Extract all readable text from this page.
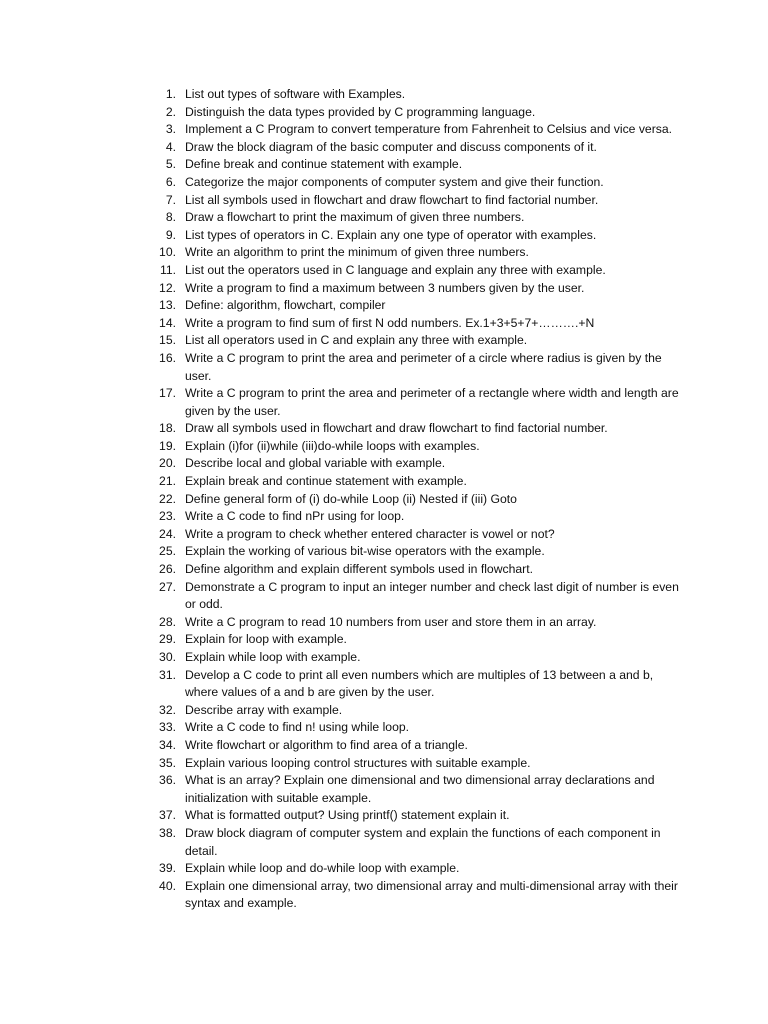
1. List out types of software with Examples.
2. Distinguish the data types provided by C programming language.
3. Implement a C Program to convert temperature from Fahrenheit to Celsius and vice versa.
4. Draw the block diagram of the basic computer and discuss components of it.
5. Define break and continue statement with example.
6. Categorize the major components of computer system and give their function.
7. List all symbols used in flowchart and draw flowchart to find factorial number.
8. Draw a flowchart to print the maximum of given three numbers.
9. List types of operators in C. Explain any one type of operator with examples.
10. Write an algorithm to print the minimum of given three numbers.
11. List out the operators used in C language and explain any three with example.
12. Write a program to find a maximum between 3 numbers given by the user.
13. Define: algorithm, flowchart, compiler
14. Write a program to find sum of first N odd numbers. Ex.1+3+5+7+……….+N
15. List all operators used in C and explain any three with example.
16. Write a C program to print the area and perimeter of a circle where radius is given by the user.
17. Write a C program to print the area and perimeter of a rectangle where width and length are given by the user.
18. Draw all symbols used in flowchart and draw flowchart to find factorial number.
19. Explain (i)for (ii)while (iii)do-while loops with examples.
20. Describe local and global variable with example.
21. Explain break and continue statement with example.
22. Define general form of (i) do-while Loop (ii) Nested if (iii) Goto
23. Write a C code to find nPr using for loop.
24. Write a program to check whether entered character is vowel or not?
25. Explain the working of various bit-wise operators with the example.
26. Define algorithm and explain different symbols used in flowchart.
27. Demonstrate a C program to input an integer number and check last digit of number is even or odd.
28. Write a C program to read 10 numbers from user and store them in an array.
29. Explain for loop with example.
30. Explain while loop with example.
31. Develop a C code to print all even numbers which are multiples of 13 between a and b, where values of a and b are given by the user.
32. Describe array with example.
33. Write a C code to find n! using while loop.
34. Write flowchart or algorithm to find area of a triangle.
35. Explain various looping control structures with suitable example.
36. What is an array? Explain one dimensional and two dimensional array declarations and initialization with suitable example.
37. What is formatted output? Using printf() statement explain it.
38. Draw block diagram of computer system and explain the functions of each component in detail.
39. Explain while loop and do-while loop with example.
40. Explain one dimensional array, two dimensional array and multi-dimensional array with their syntax and example.
